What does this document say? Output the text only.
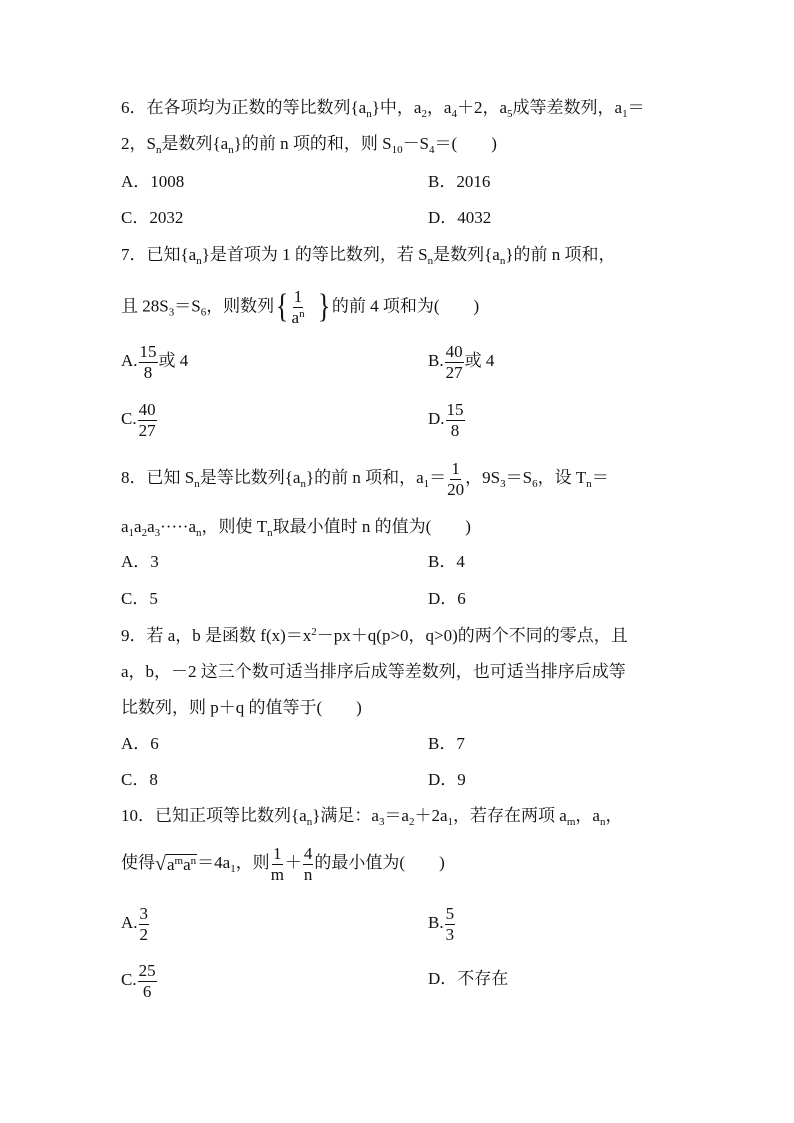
6．在各项均为正数的等比数列$\{a_n\}$中，$a_2$，$a_4+2$，$a_5$成等差数列，$a_1=$
2，$S_n$是数列$\{a_n\}$的前 n 项的和，则 $S_{10}-S_4=$(　　)
A．1008	B．2016
C．2032	D．4032
7．已知$\{a_n\}$是首项为 1 的等比数列，若 $S_n$是数列$\{a_n\}$的前 n 项和，
且 $28S_3=S_6$，则数列{ $\frac{1}{a^n}$ } 的前 4 项和为(　　)
A. $\frac{15}{8}$ 或 4	B. $\frac{40}{27}$ 或 4
C. $\frac{40}{27}$	D. $\frac{15}{8}$
8．已知 $S_n$是等比数列$\{a_n\}$的前 n 项和，$a_1= \frac{1}{20}$ ，$9S_3=S_6$，设 $T_n=$
$a_1a_2a_3\cdot\cdot\cdot\cdot\cdot a_n$，则使 $T_n$取最小值时 n 的值为(　　)
A．3	B．4
C．5	D．6
9．若 a，b 是函数 $f(x)=x^2-px+q(p>0$，q>0)的两个不同的零点，且
a，b，－2 这三个数可适当排序后成等差数列，也可适当排序后成等
比数列，则 p＋q 的值等于(　　)
A．6	B．7
C．8	D．9
10．已知正项等比数列$\{a_n\}$满足：$a_3=a_2+2a_1$，若存在两项 $a_m$，$a_n$，
使得 √ $a^ma^n =4a_1$，则 $\frac{1}{m} + \frac{4}{n}$ 的最小值为(　　)
A. $\frac{3}{2}$	B. $\frac{5}{3}$
C. $\frac{25}{6}$	D．不存在
